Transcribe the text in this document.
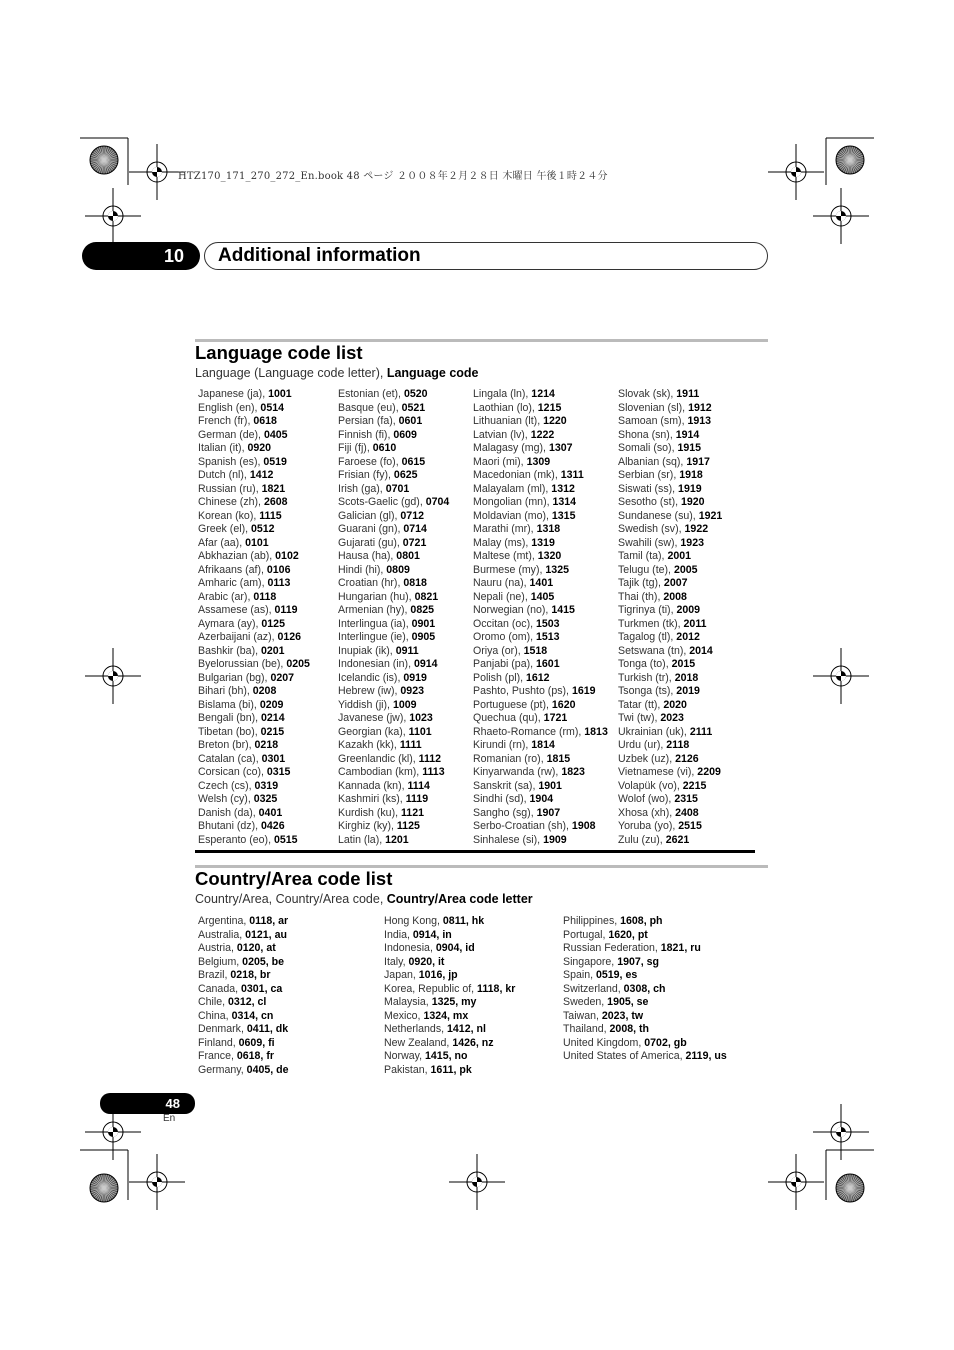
HTZ170_171_270_272_En.book 48 ページ ２００８年２月２８日 木曜日 午後１時２４分
10	Additional information
Language code list
Language (Language code letter), Language code
Japanese (ja), 1001
English (en), 0514
French (fr), 0618
German (de), 0405
Italian (it), 0920
Spanish (es), 0519
Dutch (nl), 1412
Russian (ru), 1821
Chinese (zh), 2608
Korean (ko), 1115
Greek (el), 0512
Afar (aa), 0101
Abkhazian (ab), 0102
Afrikaans (af), 0106
Amharic (am), 0113
Arabic (ar), 0118
Assamese (as), 0119
Aymara (ay), 0125
Azerbaijani (az), 0126
Bashkir (ba), 0201
Byelorussian (be), 0205
Bulgarian (bg), 0207
Bihari (bh), 0208
Bislama (bi), 0209
Bengali (bn), 0214
Tibetan (bo), 0215
Breton (br), 0218
Catalan (ca), 0301
Corsican (co), 0315
Czech (cs), 0319
Welsh (cy), 0325
Danish (da), 0401
Bhutani (dz), 0426
Esperanto (eo), 0515
Estonian (et), 0520
Basque (eu), 0521
Persian (fa), 0601
Finnish (fi), 0609
Fiji (fj), 0610
Faroese (fo), 0615
Frisian (fy), 0625
Irish (ga), 0701
Scots-Gaelic (gd), 0704
Galician (gl), 0712
Guarani (gn), 0714
Gujarati (gu), 0721
Hausa (ha), 0801
Hindi (hi), 0809
Croatian (hr), 0818
Hungarian (hu), 0821
Armenian (hy), 0825
Interlingua (ia), 0901
Interlingue (ie), 0905
Inupiak (ik), 0911
Indonesian (in), 0914
Icelandic (is), 0919
Hebrew (iw), 0923
Yiddish (ji), 1009
Javanese (jw), 1023
Georgian (ka), 1101
Kazakh (kk), 1111
Greenlandic (kl), 1112
Cambodian (km), 1113
Kannada (kn), 1114
Kashmiri (ks), 1119
Kurdish (ku), 1121
Kirghiz (ky), 1125
Latin (la), 1201
Lingala (ln), 1214
Laothian (lo), 1215
Lithuanian (lt), 1220
Latvian (lv), 1222
Malagasy (mg), 1307
Maori (mi), 1309
Macedonian (mk), 1311
Malayalam (ml), 1312
Mongolian (mn), 1314
Moldavian (mo), 1315
Marathi (mr), 1318
Malay (ms), 1319
Maltese (mt), 1320
Burmese (my), 1325
Nauru (na), 1401
Nepali (ne), 1405
Norwegian (no), 1415
Occitan (oc), 1503
Oromo (om), 1513
Oriya (or), 1518
Panjabi (pa), 1601
Polish (pl), 1612
Pashto, Pushto (ps), 1619
Portuguese (pt), 1620
Quechua (qu), 1721
Rhaeto-Romance (rm), 1813
Kirundi (rn), 1814
Romanian (ro), 1815
Kinyarwanda (rw), 1823
Sanskrit (sa), 1901
Sindhi (sd), 1904
Sangho (sg), 1907
Serbo-Croatian (sh), 1908
Sinhalese (si), 1909
Slovak (sk), 1911
Slovenian (sl), 1912
Samoan (sm), 1913
Shona (sn), 1914
Somali (so), 1915
Albanian (sq), 1917
Serbian (sr), 1918
Siswati (ss), 1919
Sesotho (st), 1920
Sundanese (su), 1921
Swedish (sv), 1922
Swahili (sw), 1923
Tamil (ta), 2001
Telugu (te), 2005
Tajik (tg), 2007
Thai (th), 2008
Tigrinya (ti), 2009
Turkmen (tk), 2011
Tagalog (tl), 2012
Setswana (tn), 2014
Tonga (to), 2015
Turkish (tr), 2018
Tsonga (ts), 2019
Tatar (tt), 2020
Twi (tw), 2023
Ukrainian (uk), 2111
Urdu (ur), 2118
Uzbek (uz), 2126
Vietnamese (vi), 2209
Volapük (vo), 2215
Wolof (wo), 2315
Xhosa (xh), 2408
Yoruba (yo), 2515
Zulu (zu), 2621
Country/Area code list
Country/Area, Country/Area code, Country/Area code letter
Argentina, 0118, ar
Australia, 0121, au
Austria, 0120, at
Belgium, 0205, be
Brazil, 0218, br
Canada, 0301, ca
Chile, 0312, cl
China, 0314, cn
Denmark, 0411, dk
Finland, 0609, fi
France, 0618, fr
Germany, 0405, de
Hong Kong, 0811, hk
India, 0914, in
Indonesia, 0904, id
Italy, 0920, it
Japan, 1016, jp
Korea, Republic of, 1118, kr
Malaysia, 1325, my
Mexico, 1324, mx
Netherlands, 1412, nl
New Zealand, 1426, nz
Norway, 1415, no
Pakistan, 1611, pk
Philippines, 1608, ph
Portugal, 1620, pt
Russian Federation, 1821, ru
Singapore, 1907, sg
Spain, 0519, es
Switzerland, 0308, ch
Sweden, 1905, se
Taiwan, 2023, tw
Thailand, 2008, th
United Kingdom, 0702, gb
United States of America, 2119, us
48
En
